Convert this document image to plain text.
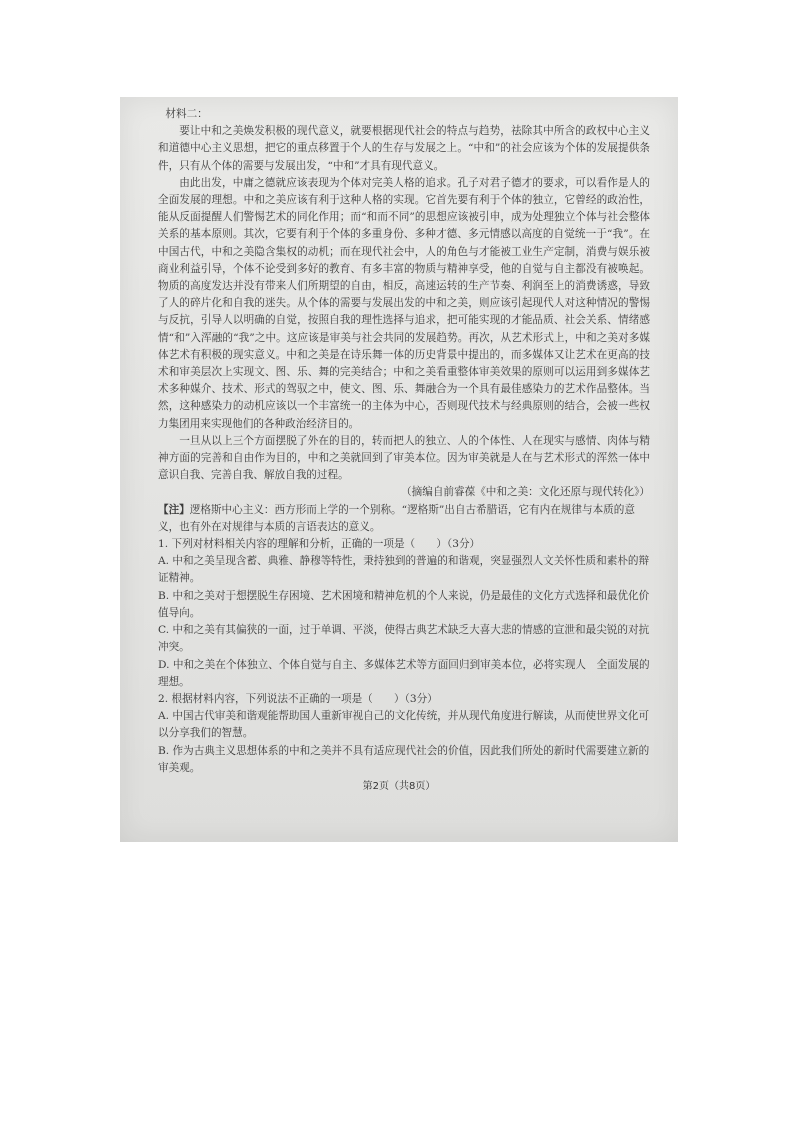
材料二：

要让中和之美焕发积极的现代意义，就要根据现代社会的特点与趋势，祛除其中所含的政权中心主义和道德中心主义思想，把它的重点移置于个人的生存与发展之上。“中和”的社会应该为个体的发展提供条件，只有从个体的需要与发展出发，“中和”才具有现代意义。

由此出发，中庸之德就应该表现为个体对完美人格的追求。孔子对君子德才的要求，可以看作是人的全面发展的理想。中和之美应该有利于这种人格的实现。它首先要有利于个体的独立，它曾经的政治性，能从反面提醒人们警惕艺术的同化作用；而“和而不同”的思想应该被引申，成为处理独立个体与社会整体关系的基本原则。其次，它要有利于个体的多重身份、多种才德、多元情感以高度的自觉统一于“我”。在中国古代，中和之美隐含集权的动机；而在现代社会中，人的角色与才能被工业生产定制，消费与娱乐被商业利益引导，个体不论受到多好的教育、有多丰富的物质与精神享受，他的自觉与自主都没有被唤起。物质的高度发达并没有带来人们所期望的自由，相反，高速运转的生产节奏、利润至上的消费诱惑，导致了人的碎片化和自我的迷失。从个体的需要与发展出发的中和之美，则应该引起现代人对这种情况的警惕与反抗，引导人以明确的自觉，按照自我的理性选择与追求，把可能实现的才能品质、社会关系、情绪感情“和”入浑融的“我”之中。这应该是审美与社会共同的发展趋势。再次，从艺术形式上，中和之美对多媒体艺术有积极的现实意义。中和之美是在诗乐舞一体的历史背景中提出的，而多媒体又让艺术在更高的技术和审美层次上实现文、图、乐、舞的完美结合；中和之美看重整体审美效果的原则可以运用到多媒体艺术多种媒介、技术、形式的驾驭之中，使文、图、乐、舞融合为一个具有最佳感染力的艺术作品整体。当然，这种感染力的动机应该以一个丰富统一的主体为中心，否则现代技术与经典原则的结合，会被一些权力集团用来实现他们的各种政治经济目的。

一旦从以上三个方面摆脱了外在的目的，转而把人的独立、人的个体性、人在现实与感情、肉体与精神方面的完善和自由作为目的，中和之美就回到了审美本位。因为审美就是人在与艺术形式的浑然一体中意识自我、完善自我、解放自我的过程。

（摘编自前睿葆《中和之美：文化还原与现代转化》）

【注】逻格斯中心主义：西方形而上学的一个别称。“逻格斯”出自古希腊语，它有内在规律与本质的意义，也有外在对规律与本质的言语表达的意义。

1. 下列对材料相关内容的理解和分析，正确的一项是（　　）（3分）

A. 中和之美呈现含蓄、典雅、静穆等特性，秉持独到的普遍的和谐观，突显强烈人文关怀性质和素朴的辩证精神。

B. 中和之美对于想摆脱生存困境、艺术困境和精神危机的个人来说，仍是最佳的文化方式选择和最优化价值导向。

C. 中和之美有其偏狭的一面，过于单调、平淡，使得古典艺术缺乏大喜大悲的情感的宣泄和最尖锐的对抗冲突。

D. 中和之美在个体独立、个体自觉与自主、多媒体艺术等方面回归到审美本位，必将实现人　全面发展的理想。

2. 根据材料内容，下列说法不正确的一项是（　　）（3分）

A. 中国古代审美和谐观能帮助国人重新审视自己的文化传统，并从现代角度进行解读，从而使世界文化可以分享我们的智慧。

B. 作为古典主义思想体系的中和之美并不具有适应现代社会的价值，因此我们所处的新时代需要建立新的审美观。

第2页（共8页）
